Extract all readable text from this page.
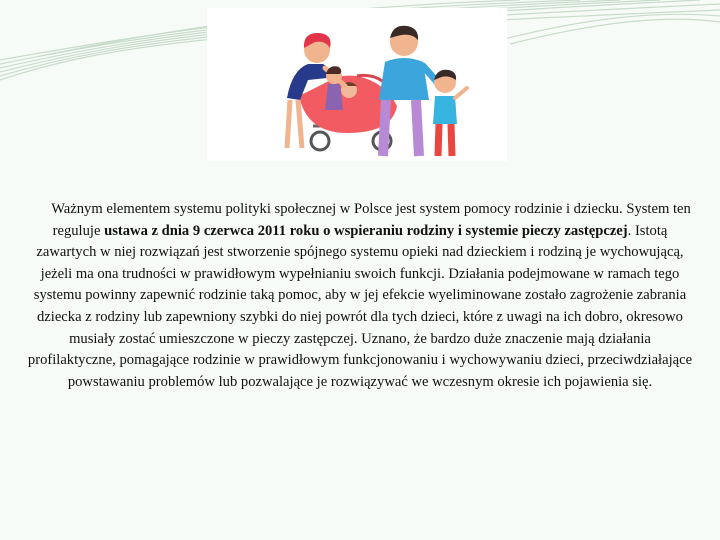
Ważnym elementem systemu polityki społecznej w Polsce jest system pomocy rodzinie i dziecku. System ten reguluje ustawa z dnia 9 czerwca 2011 roku o wspieraniu rodziny i systemie pieczy zastępczej. Istotą zawartych w niej rozwiązań jest stworzenie spójnego systemu opieki nad dzieckiem i rodziną je wychowującą, jeżeli ma ona trudności w prawidłowym wypełnianiu swoich funkcji. Działania podejmowane w ramach tego systemu powinny zapewnić rodzinie taką pomoc, aby w jej efekcie wyeliminowane zostało zagrożenie zabrania dziecka z rodziny lub zapewniony szybki do niej powrót dla tych dzieci, które z uwagi na ich dobro, okresowo musiały zostać umieszczone w pieczy zastępczej. Uznano, że bardzo duże znaczenie mają działania profilaktyczne, pomagające rodzinie w prawidłowym funkcjonowaniu i wychowywaniu dzieci, przeciwdziałające powstawaniu problemów lub pozwalające je rozwiązywać we wczesnym okresie ich pojawienia się.
